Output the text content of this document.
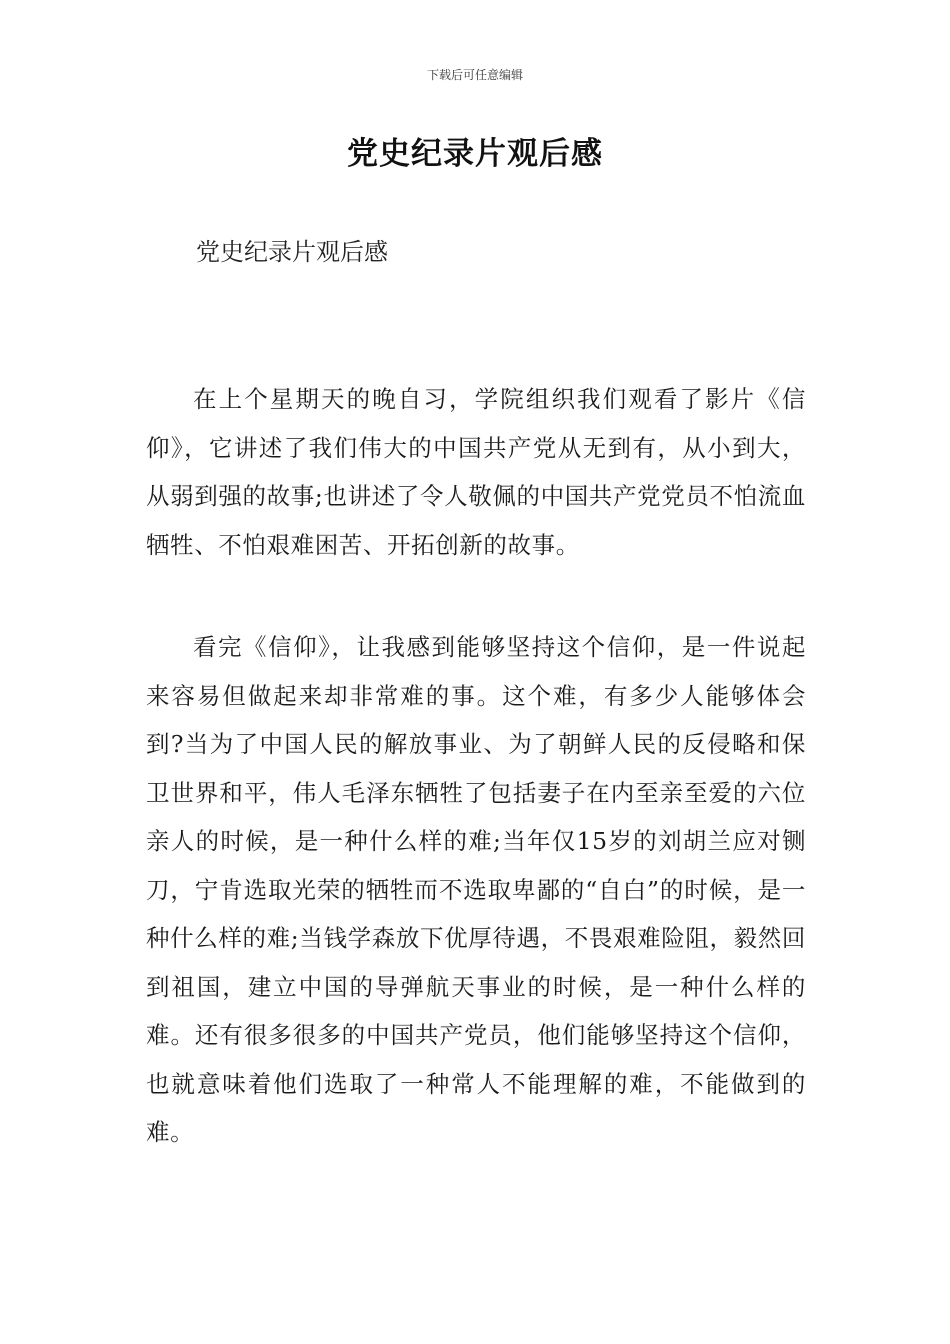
下载后可任意编辑
党史纪录片观后感
党史纪录片观后感

在上个星期天的晚自习，学院组织我们观看了影片《信仰》，它讲述了我们伟大的中国共产党从无到有，从小到大，从弱到强的故事;也讲述了令人敬佩的中国共产党党员不怕流血牺牲、不怕艰难困苦、开拓创新的故事。

看完《信仰》，让我感到能够坚持这个信仰，是一件说起来容易但做起来却非常难的事。这个难，有多少人能够体会到?当为了中国人民的解放事业、为了朝鲜人民的反侵略和保卫世界和平，伟人毛泽东牺牲了包括妻子在内至亲至爱的六位亲人的时候，是一种什么样的难;当年仅15岁的刘胡兰应对铡刀，宁肯选取光荣的牺牲而不选取卑鄙的“自白”的时候，是一种什么样的难;当钱学森放下优厚待遇，不畏艰难险阻，毅然回到祖国，建立中国的导弹航天事业的时候，是一种什么样的难。还有很多很多的中国共产党员，他们能够坚持这个信仰，也就意味着他们选取了一种常人不能理解的难，不能做到的难。
